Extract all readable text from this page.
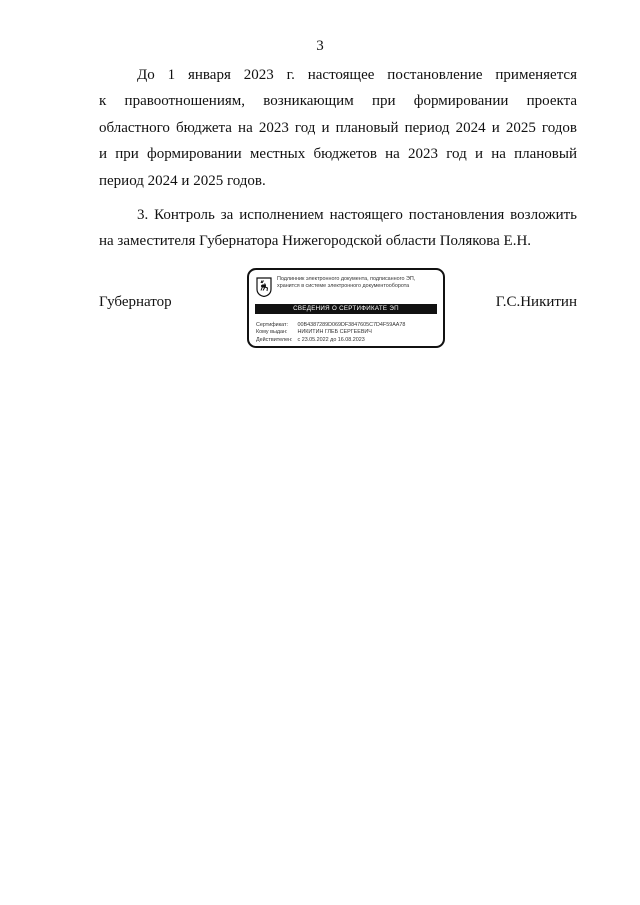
3
До 1 января 2023 г. настоящее постановление применяется
к правоотношениям, возникающим при формировании проекта
областного бюджета на 2023 год и плановый период 2024 и 2025 годов
и при формировании местных бюджетов на 2023 год и на плановый
период 2024 и 2025 годов.
3. Контроль за исполнением настоящего постановления возложить
на заместителя Губернатора Нижегородской области Полякова Е.Н.
Губернатор
Подлинник электронного документа, подписанного ЭП,
хранится в системе электронного документооборота
СВЕДЕНИЯ О СЕРТИФИКАТЕ ЭП
Сертификат: 00B4387289D069DF3847605C7D4F59AA78
Кому выдан: НИКИТИН ГЛЕБ СЕРГЕЕВИЧ
Действителен: с 23.05.2022 до 16.08.2023
Г.С.Никитин
